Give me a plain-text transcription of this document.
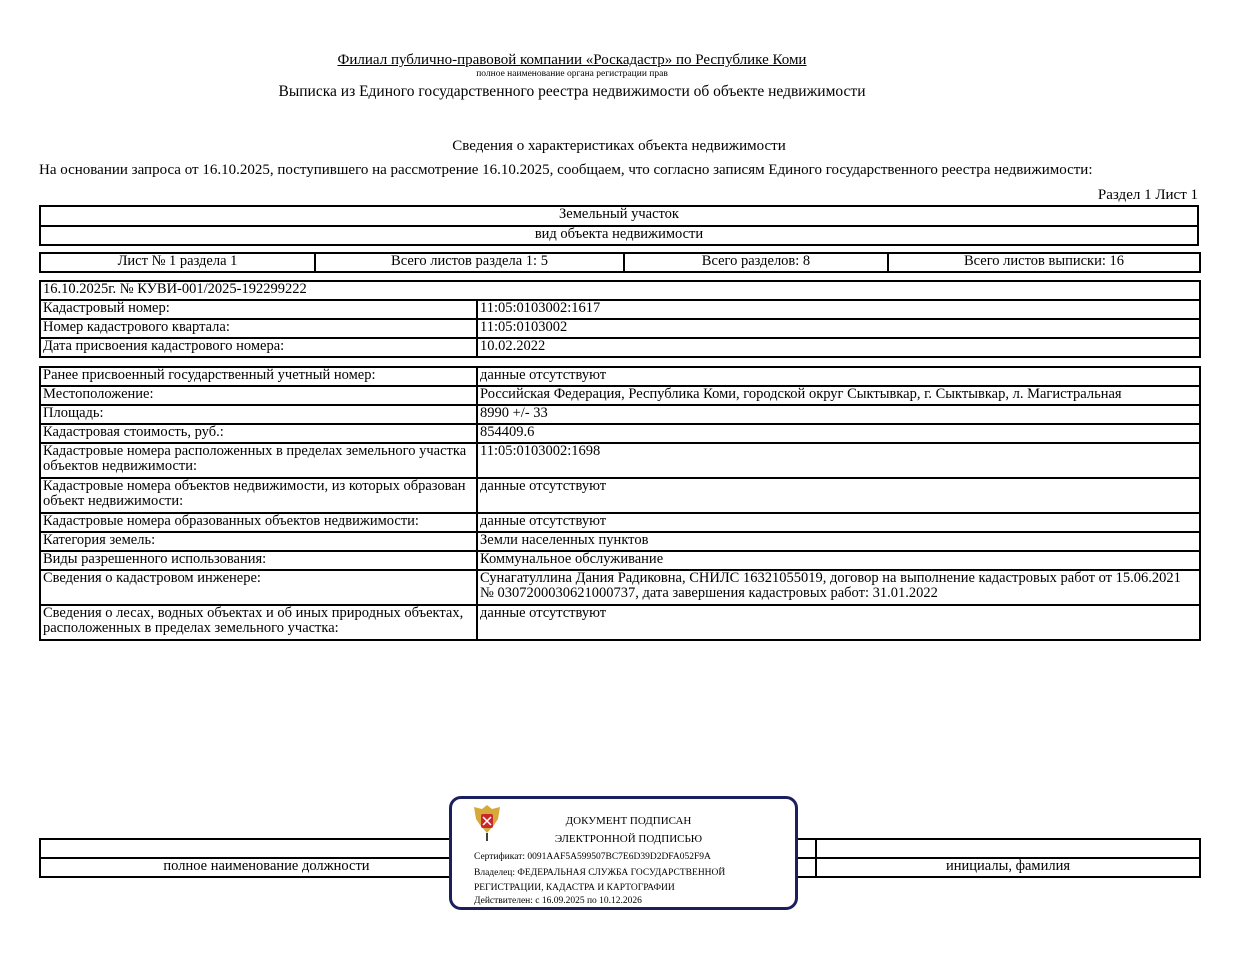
Филиал публично-правовой компании «Роскадастр» по Республике Коми
полное наименование органа регистрации прав
Выписка из Единого государственного реестра недвижимости об объекте недвижимости
Сведения о характеристиках объекта недвижимости
На основании запроса от 16.10.2025, поступившего на рассмотрение 16.10.2025, сообщаем, что согласно записям Единого государственного реестра недвижимости:
Раздел 1 Лист 1
Земельный участок
вид объекта недвижимости
Лист № 1 раздела 1	Всего листов раздела 1: 5	Всего разделов: 8	Всего листов выписки: 16
16.10.2025г. № КУВИ-001/2025-192299222	
Кадастровый номер:	11:05:0103002:1617
Номер кадастрового квартала:	11:05:0103002
Дата присвоения кадастрового номера:	10.02.2022
Ранее присвоенный государственный учетный номер:	данные отсутствуют
Местоположение:	Российская Федерация, Республика Коми, городской округ Сыктывкар, г. Сыктывкар, л. Магистральная
Площадь:	8990 +/- 33
Кадастровая стоимость, руб.:	854409.6
Кадастровые номера расположенных в пределах земельного участка объектов недвижимости:	11:05:0103002:1698
Кадастровые номера объектов недвижимости, из которых образован объект недвижимости:	данные отсутствуют
Кадастровые номера образованных объектов недвижимости:	данные отсутствуют
Категория земель:	Земли населенных пунктов
Виды разрешенного использования:	Коммунальное обслуживание
Сведения о кадастровом инженере:	Сунагатуллина Дания Радиковна, СНИЛС 16321055019, договор на выполнение кадастровых работ от 15.06.2021 № 0307200030621000737, дата завершения кадастровых работ: 31.01.2022
Сведения о лесах, водных объектах и об иных природных объектах, расположенных в пределах земельного участка:	данные отсутствуют

полное наименование должности		инициалы, фамилия
ДОКУМЕНТ ПОДПИСАН
ЭЛЕКТРОННОЙ ПОДПИСЬЮ
Сертификат: 0091AAF5A599507BC7E6D39D2DFA052F9A
Владелец: ФЕДЕРАЛЬНАЯ СЛУЖБА ГОСУДАРСТВЕННОЙ
РЕГИСТРАЦИИ, КАДАСТРА И КАРТОГРАФИИ
Действителен: с 16.09.2025 по 10.12.2026
